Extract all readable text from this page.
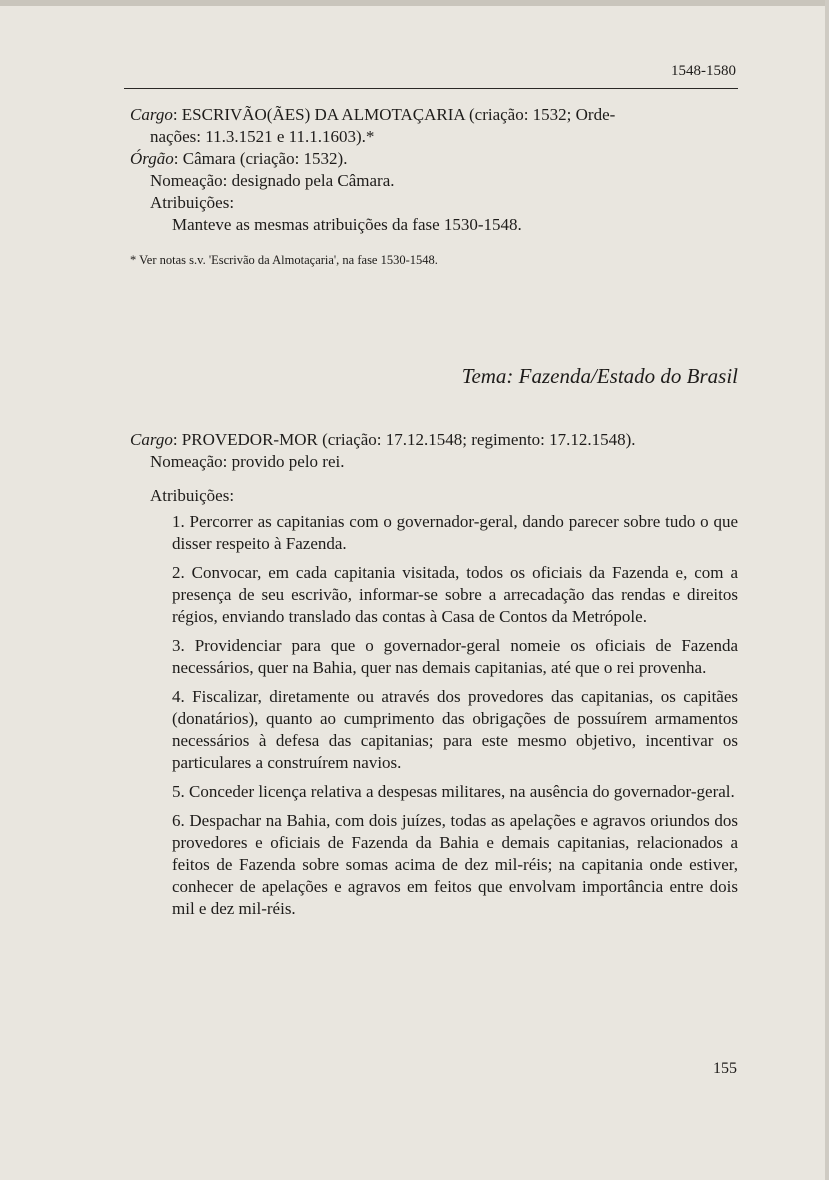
1548-1580

Cargo: ESCRIVÃO(ÃES) DA ALMOTAÇARIA (criação: 1532; Orde-

nações: 11.3.1521 e 11.1.1603).*

Órgão: Câmara (criação: 1532).

Nomeação: designado pela Câmara.

Atribuições:

Manteve as mesmas atribuições da fase 1530-1548.

* Ver notas s.v. 'Escrivão da Almotaçaria', na fase 1530-1548.

Tema: Fazenda/Estado do Brasil

Cargo: PROVEDOR-MOR (criação: 17.12.1548; regimento: 17.12.1548).

Nomeação: provido pelo rei.

Atribuições:

1. Percorrer as capitanias com o governador-geral, dando parecer sobre tudo o que disser respeito à Fazenda.

2. Convocar, em cada capitania visitada, todos os oficiais da Fazenda e, com a presença de seu escrivão, informar-se sobre a arrecadação das rendas e direitos régios, enviando translado das contas à Casa de Contos da Metrópole.

3. Providenciar para que o governador-geral nomeie os oficiais de Fazenda necessários, quer na Bahia, quer nas demais capitanias, até que o rei provenha.

4. Fiscalizar, diretamente ou através dos provedores das capitanias, os capitães (donatários), quanto ao cumprimento das obrigações de possuírem armamentos necessários à defesa das capitanias; para este mesmo objetivo, incentivar os particulares a construírem navios.

5. Conceder licença relativa a despesas militares, na ausência do governador-geral.

6. Despachar na Bahia, com dois juízes, todas as apelações e agravos oriundos dos provedores e oficiais de Fazenda da Bahia e demais capitanias, relacionados a feitos de Fazenda sobre somas acima de dez mil-réis; na capitania onde estiver, conhecer de apelações e agravos em feitos que envolvam importância entre dois mil e dez mil-réis.

155
